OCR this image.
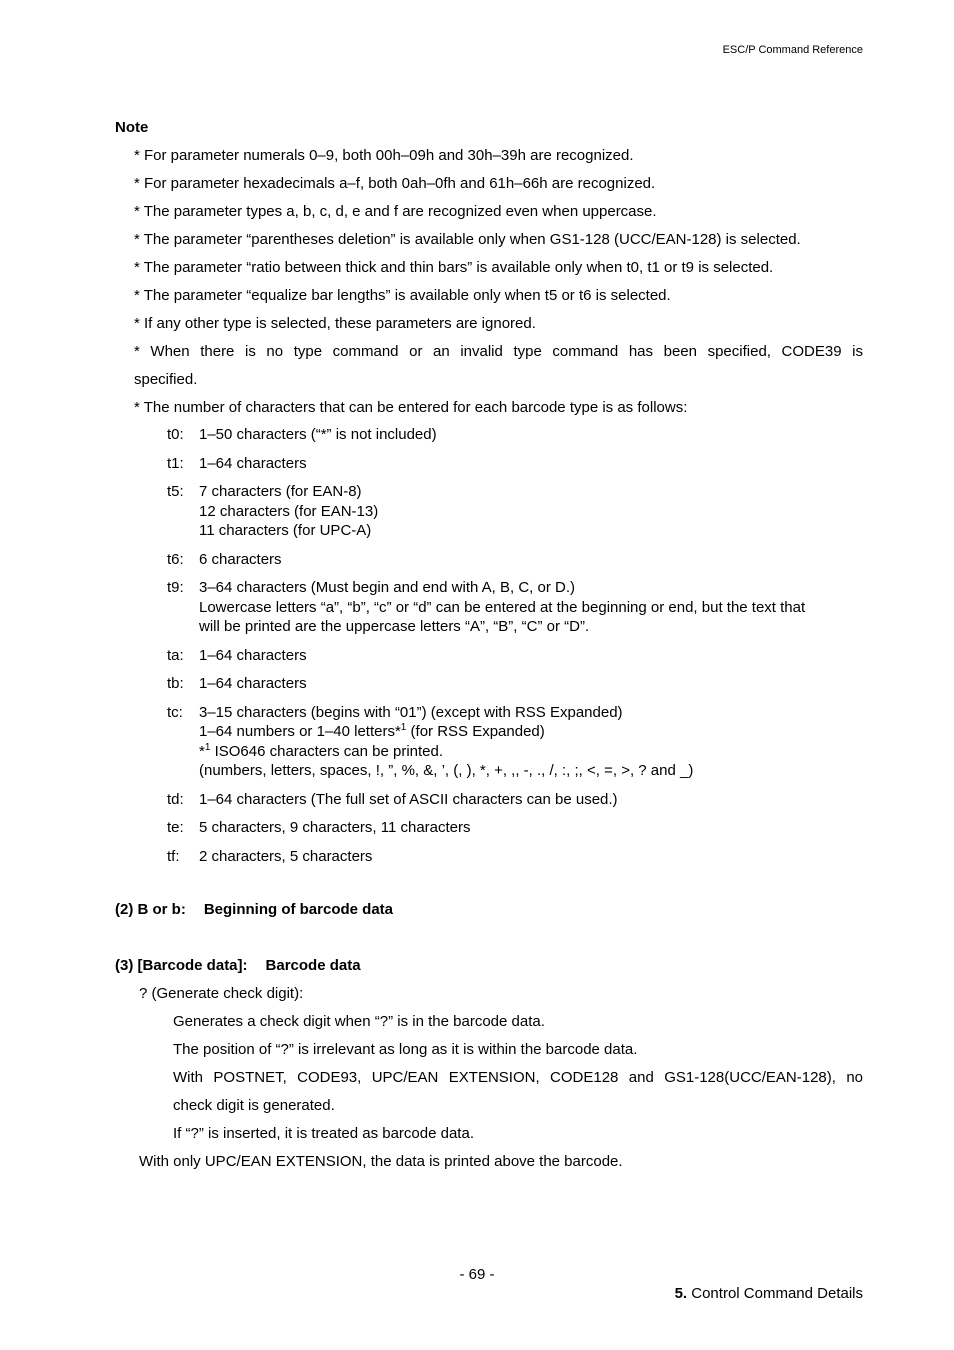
ESC/P Command Reference
Note
* For parameter numerals 0–9, both 00h–09h and 30h–39h are recognized.
* For parameter hexadecimals a–f, both 0ah–0fh and 61h–66h are recognized.
* The parameter types a, b, c, d, e and f are recognized even when uppercase.
* The parameter “parentheses deletion” is available only when GS1-128 (UCC/EAN-128) is selected.
* The parameter “ratio between thick and thin bars” is available only when t0, t1 or t9 is selected.
* The parameter “equalize bar lengths” is available only when t5 or t6 is selected.
* If any other type is selected, these parameters are ignored.
* When there is no type command or an invalid type command has been specified, CODE39 is
specified.
* The number of characters that can be entered for each barcode type is as follows:
t0:	1–50 characters (“*” is not included)
t1:	1–64 characters
t5:	7 characters (for EAN-8)
12 characters (for EAN-13)
11 characters (for UPC-A)
t6:	6 characters
t9:	3–64 characters (Must begin and end with A, B, C, or D.)
Lowercase letters “a”, “b”, “c” or “d” can be entered at the beginning or end, but the text that
will be printed are the uppercase letters “A”, “B”, “C” or “D”.
ta:	1–64 characters
tb:	1–64 characters
tc:	3–15 characters (begins with “01”) (except with RSS Expanded)
1–64 numbers or 1–40 letters*$^1$ (for RSS Expanded)
*$^1$ ISO646 characters can be printed.
(numbers, letters, spaces, !, ”, %, &, ’, (, ), *, +, ,, -, ., /, :, ;, <, =, >, ? and _)
td:	1–64 characters (The full set of ASCII characters can be used.)
te:	5 characters, 9 characters, 11 characters
tf:	2 characters, 5 characters
(2) B or b: Beginning of barcode data
(3) [Barcode data]: Barcode data
? (Generate check digit):
Generates a check digit when “?” is in the barcode data.
The position of “?” is irrelevant as long as it is within the barcode data.
With POSTNET, CODE93, UPC/EAN EXTENSION, CODE128 and GS1-128(UCC/EAN-128), no
check digit is generated.
If “?” is inserted, it is treated as barcode data.
With only UPC/EAN EXTENSION, the data is printed above the barcode.
- 69 -
5. Control Command Details
